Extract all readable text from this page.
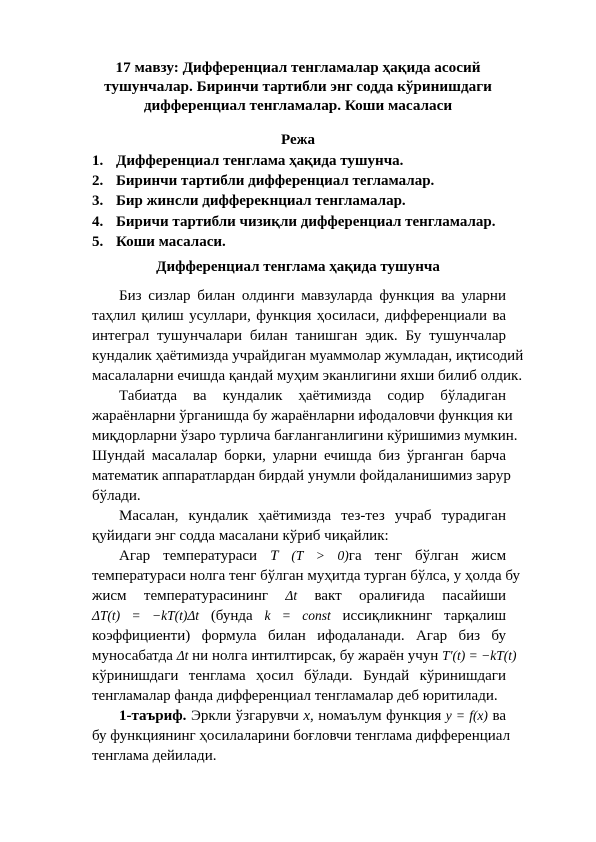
17 мавзу: Дифференциал тенгламалар ҳақида асосий
тушунчалар. Биринчи тартибли энг содда кўринишдаги
дифференциал тенгламалар. Коши масаласи
Режа
1. Дифференциал тенглама ҳақида тушунча.
2. Биринчи тартибли дифференциал тегламалар.
3. Бир жинсли дифферекнциал тенгламалар.
4. Биричи тартибли чизиқли дифференциал тенгламалар.
5. Коши масаласи.
Дифференциал тенглама ҳақида тушунча
Биз сизлар билан олдинги мавзуларда функция ва уларни
таҳлил қилиш усуллари, функция ҳосиласи, дифференциали ва
интеграл тушунчалари билан танишган эдик. Бу тушунчалар
кундалик ҳаётимизда учрайдиган муаммолар жумладан, иқтисодий
масалаларни ечишда қандай муҳим эканлигини яхши билиб олдик.
Табиатда ва кундалик ҳаётимизда содир бўладиган
жараёнларни ўрганишда бу жараёнларни ифодаловчи функция ки
миқдорларни ўзаро турлича бағланганлигини кўришимиз мумкин.
Шундай масалалар борки, уларни ечишда биз ўрганган барча
математик аппаратлардан бирдай унумли фойдаланишимиз зарур
бўлади.
Масалан, кундалик ҳаётимизда тез-тез учраб турадиган
қуйидаги энг содда масалани кўриб чиқайлик:
Агар температураси T (T > 0)га тенг бўлган жисм
температураси нолга тенг бўлган муҳитда турган бўлса, у ҳолда бу
жисм температурасининг Δt вакт оралиғида пасайиши
ΔT(t) = −kT(t)Δt (бунда k = const иссиқликнинг тарқалиш
коэффициенти) формула билан ифодаланади. Агар биз бу
муносабатда Δt ни нолга интилтирсак, бу жараён учун T′(t) = −kT(t)
кўринишдаги тенглама ҳосил бўлади. Бундай кўринишдаги
тенгламалар фанда дифференциал тенгламалар деб юритилади.
1-таъриф. Эркли ўзгарувчи x, номаълум функция y = f(x) ва
бу функциянинг ҳосилаларини боғловчи тенглама дифференциал
тенглама дейилади.
